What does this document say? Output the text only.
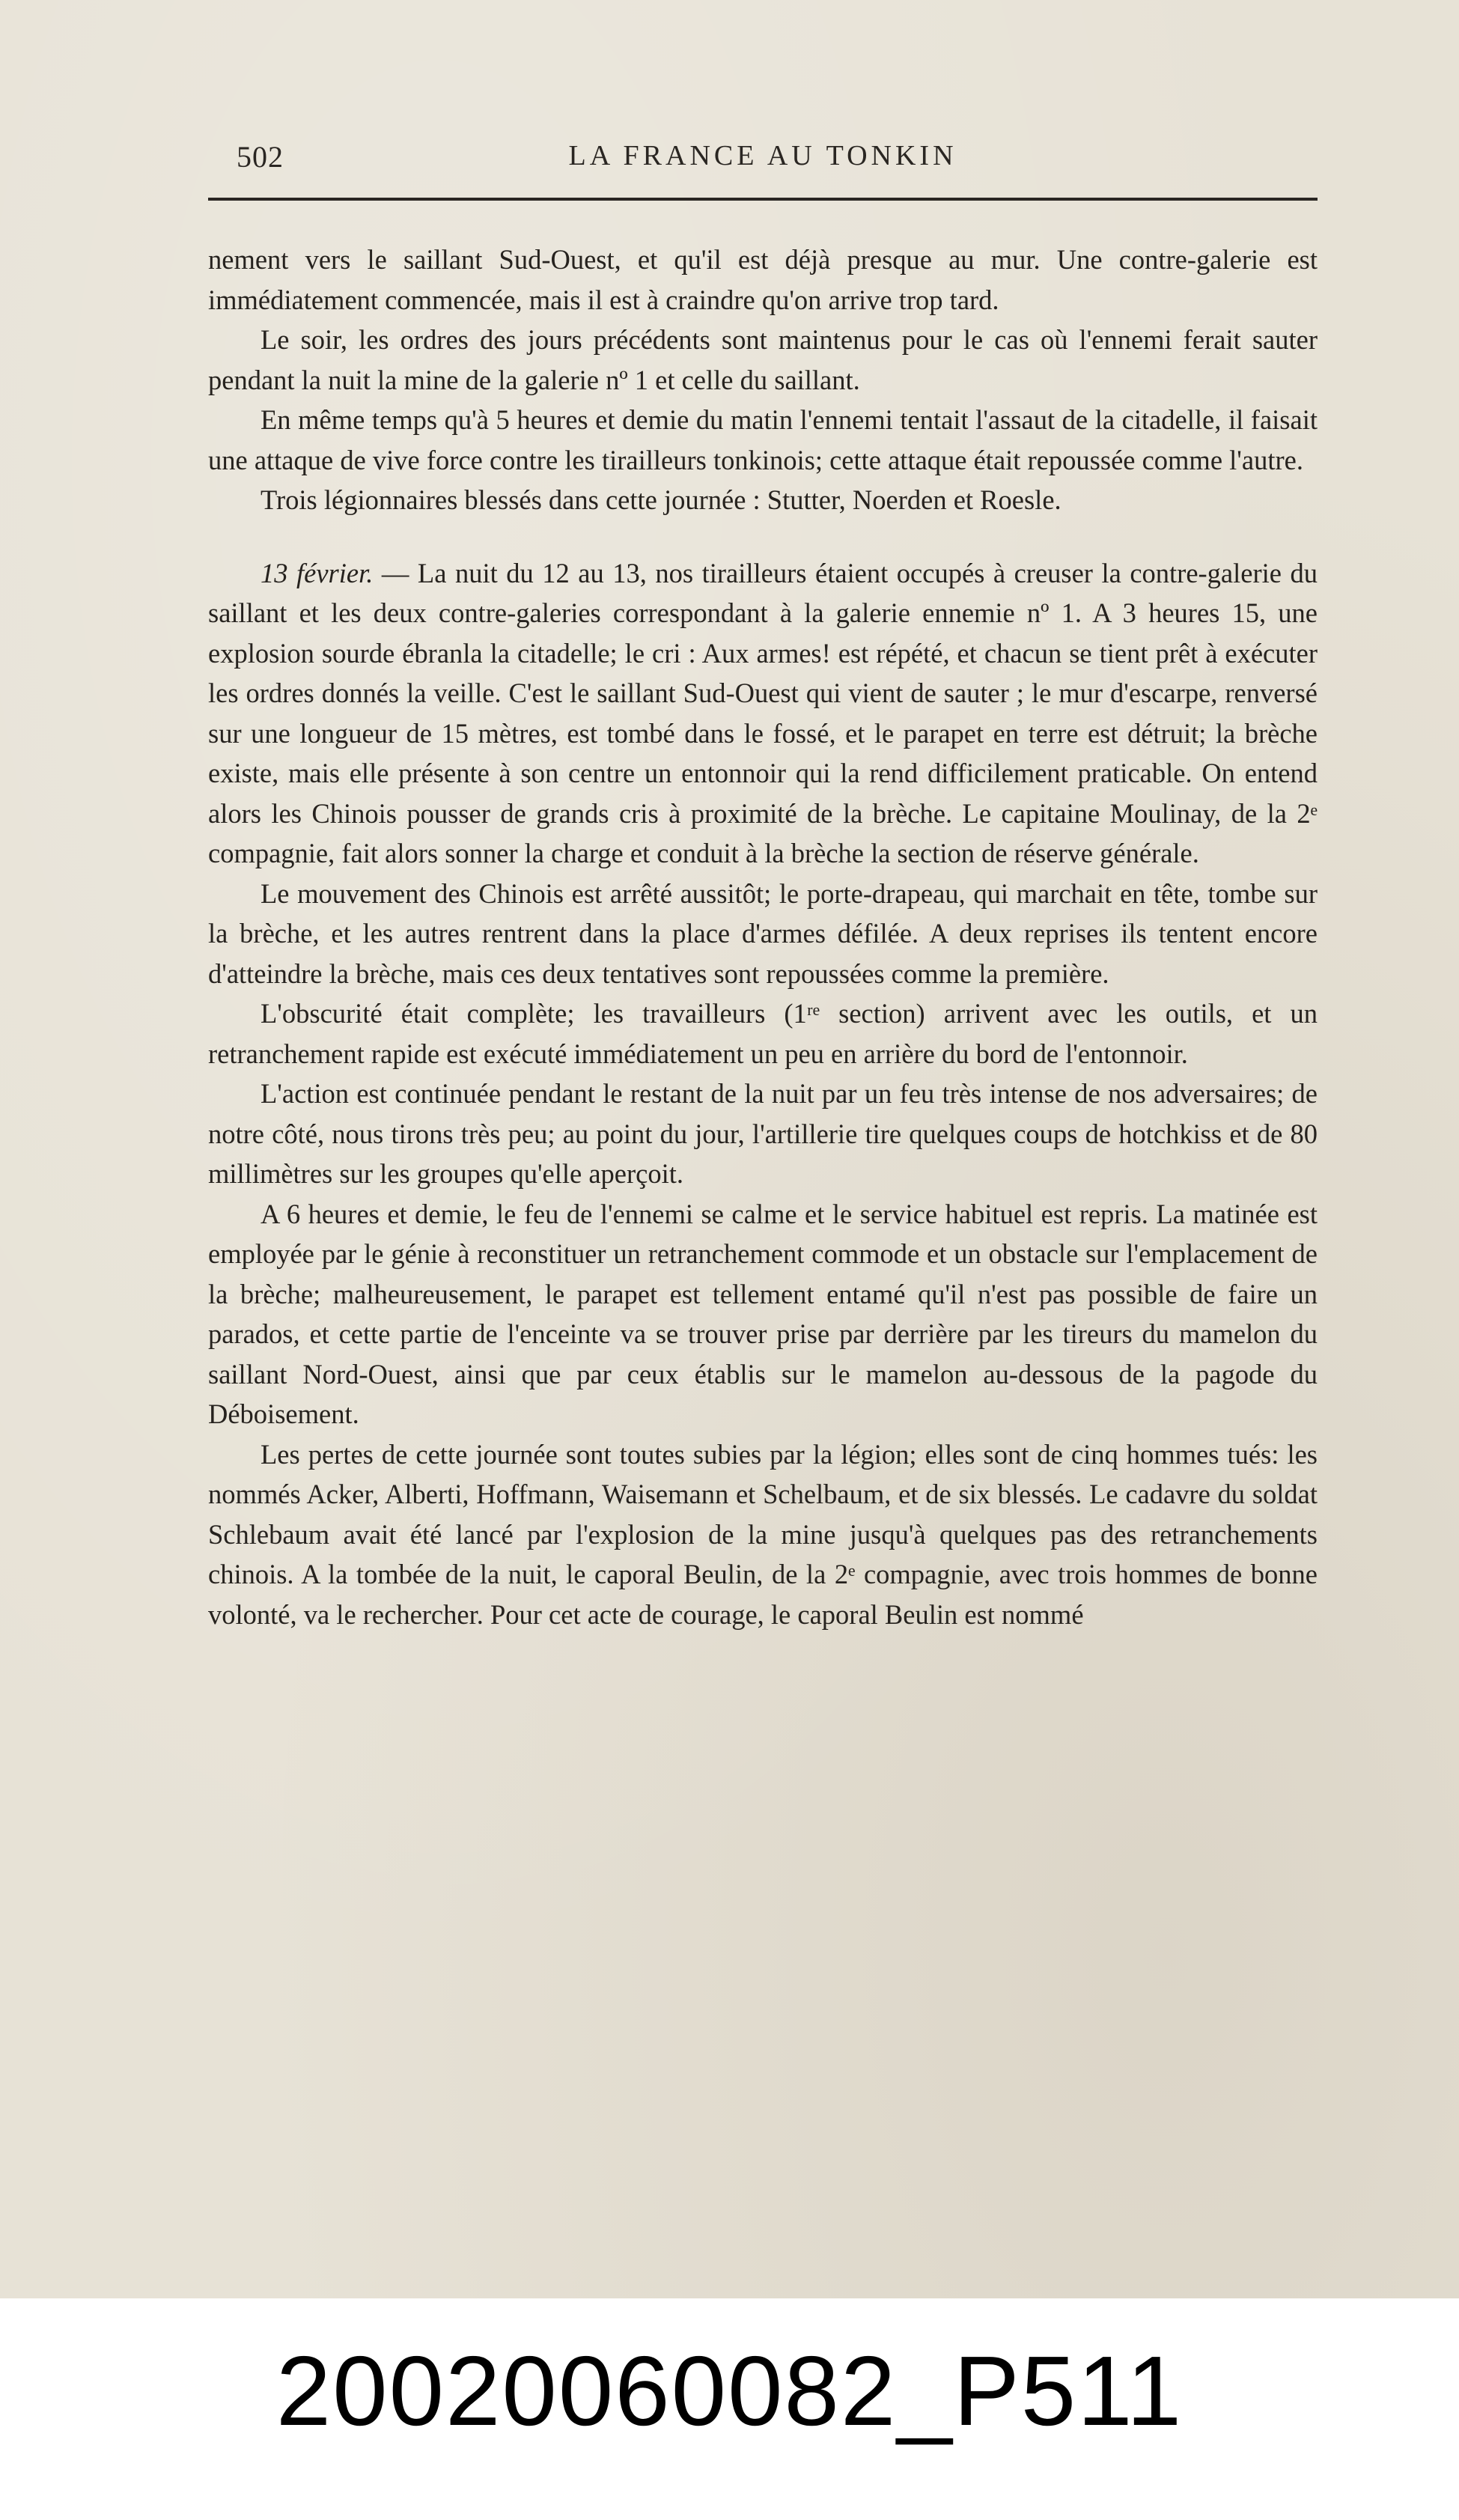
502	LA FRANCE AU TONKIN

nement vers le saillant Sud-Ouest, et qu'il est déjà presque au mur. Une contre-galerie est immédiatement commencée, mais il est à craindre qu'on arrive trop tard.

Le soir, les ordres des jours précédents sont maintenus pour le cas où l'ennemi ferait sauter pendant la nuit la mine de la galerie nº 1 et celle du saillant.

En même temps qu'à 5 heures et demie du matin l'ennemi tentait l'assaut de la citadelle, il faisait une attaque de vive force contre les tirailleurs tonkinois; cette attaque était repoussée comme l'autre.

Trois légionnaires blessés dans cette journée : Stutter, Noerden et Roesle.

13 février. — La nuit du 12 au 13, nos tirailleurs étaient occupés à creuser la contre-galerie du saillant et les deux contre-galeries correspondant à la galerie ennemie nº 1. A 3 heures 15, une explosion sourde ébranla la citadelle; le cri : Aux armes! est répété, et chacun se tient prêt à exécuter les ordres donnés la veille. C'est le saillant Sud-Ouest qui vient de sauter ; le mur d'escarpe, renversé sur une longueur de 15 mètres, est tombé dans le fossé, et le parapet en terre est détruit; la brèche existe, mais elle présente à son centre un entonnoir qui la rend difficilement praticable. On entend alors les Chinois pousser de grands cris à proximité de la brèche. Le capitaine Moulinay, de la 2ᵉ compagnie, fait alors sonner la charge et conduit à la brèche la section de réserve générale.

Le mouvement des Chinois est arrêté aussitôt; le porte-drapeau, qui marchait en tête, tombe sur la brèche, et les autres rentrent dans la place d'armes défilée. A deux reprises ils tentent encore d'atteindre la brèche, mais ces deux tentatives sont repoussées comme la première.

L'obscurité était complète; les travailleurs (1ʳᵉ section) arrivent avec les outils, et un retranchement rapide est exécuté immédiatement un peu en arrière du bord de l'entonnoir.

L'action est continuée pendant le restant de la nuit par un feu très intense de nos adversaires; de notre côté, nous tirons très peu; au point du jour, l'artillerie tire quelques coups de hotchkiss et de 80 millimètres sur les groupes qu'elle aperçoit.

A 6 heures et demie, le feu de l'ennemi se calme et le service habituel est repris. La matinée est employée par le génie à reconstituer un retranchement commode et un obstacle sur l'emplacement de la brèche; malheureusement, le parapet est tellement entamé qu'il n'est pas possible de faire un parados, et cette partie de l'enceinte va se trouver prise par derrière par les tireurs du mamelon du saillant Nord-Ouest, ainsi que par ceux établis sur le mamelon au-dessous de la pagode du Déboisement.

Les pertes de cette journée sont toutes subies par la légion; elles sont de cinq hommes tués: les nommés Acker, Alberti, Hoffmann, Waisemann et Schelbaum, et de six blessés. Le cadavre du soldat Schlebaum avait été lancé par l'explosion de la mine jusqu'à quelques pas des retranchements chinois. A la tombée de la nuit, le caporal Beulin, de la 2ᵉ compagnie, avec trois hommes de bonne volonté, va le rechercher. Pour cet acte de courage, le caporal Beulin est nommé

20020060082_P511
